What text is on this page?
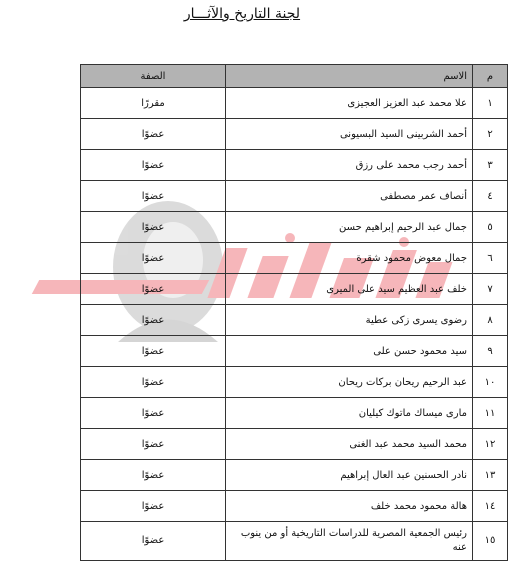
لجنة التاريخ والآثـــار
م	الاسم	الصفة
١	علا محمد عبد العزيز العجيزى	مقررًا
٢	أحمد الشربينى السيد البسيونى	عضوًا
٣	أحمد رجب محمد على رزق	عضوًا
٤	أنصاف عمر مصطفى	عضوًا
٥	جمال عبد الرحيم إبراهيم حسن	عضوًا
٦	جمال معوض محمود شقرة	عضوًا
٧	خلف عبد العظيم سيد على الميرى	عضوًا
٨	رضوى يسرى زكى عطية	عضوًا
٩	سيد محمود حسن على	عضوًا
١٠	عبد الرحيم ريحان بركات ريحان	عضوًا
١١	مارى ميساك ماتوك كيليان	عضوًا
١٢	محمد السيد محمد عبد الغنى	عضوًا
١٣	نادر الحسنين عبد العال إبراهيم	عضوًا
١٤	هالة محمود محمد خلف	عضوًا
١٥	رئيس الجمعية المصرية للدراسات التاريخية أو من ينوب عنه	عضوًا
